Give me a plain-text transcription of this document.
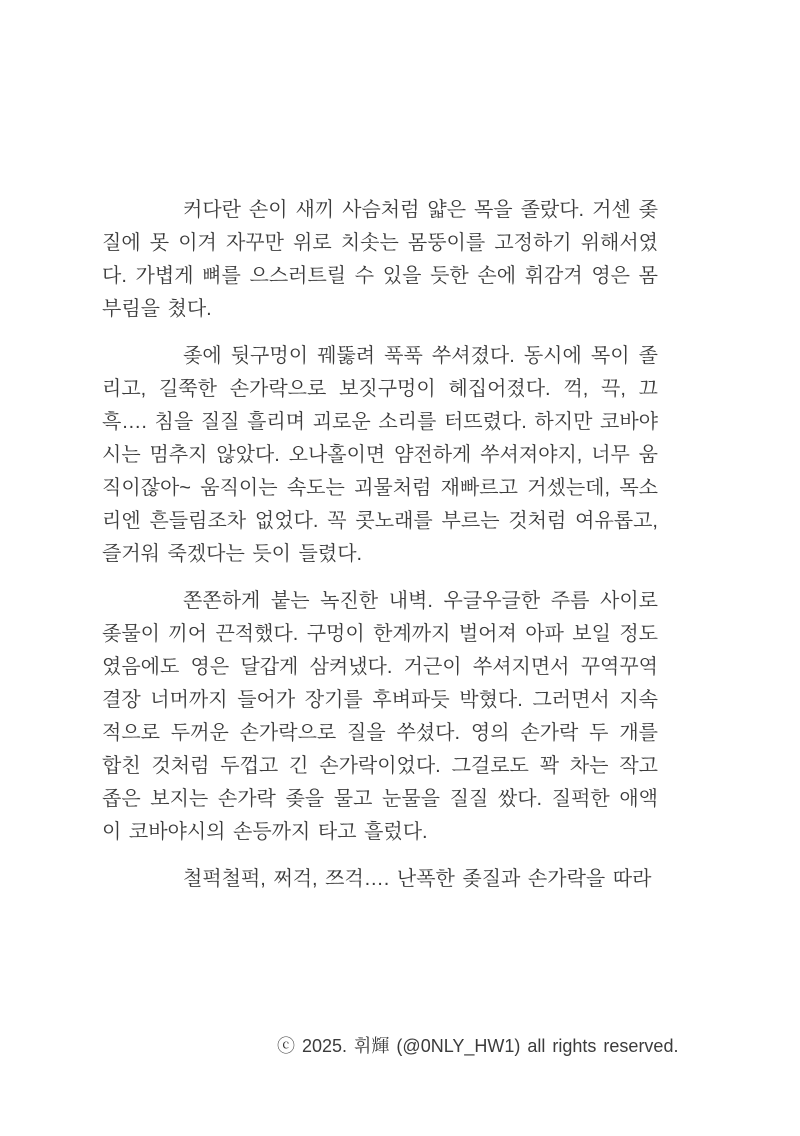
커다란 손이 새끼 사슴처럼 얇은 목을 졸랐다. 거센 좆질에 못 이겨 자꾸만 위로 치솟는 몸뚱이를 고정하기 위해서였다. 가볍게 뼈를 으스러트릴 수 있을 듯한 손에 휘감겨 영은 몸부림을 쳤다.

좆에 뒷구멍이 꿰뚫려 푹푹 쑤셔졌다. 동시에 목이 졸리고, 길쭉한 손가락으로 보짓구멍이 헤집어졌다. 꺽, 끅, 끄흑…. 침을 질질 흘리며 괴로운 소리를 터뜨렸다. 하지만 코바야시는 멈추지 않았다. 오나홀이면 얌전하게 쑤셔져야지, 너무 움직이잖아~ 움직이는 속도는 괴물처럼 재빠르고 거셌는데, 목소리엔 흔들림조차 없었다. 꼭 콧노래를 부르는 것처럼 여유롭고, 즐거워 죽겠다는 듯이 들렸다.

쫀쫀하게 붙는 녹진한 내벽. 우글우글한 주름 사이로 좆물이 끼어 끈적했다. 구멍이 한계까지 벌어져 아파 보일 정도였음에도 영은 달갑게 삼켜냈다. 거근이 쑤셔지면서 꾸역꾸역 결장 너머까지 들어가 장기를 후벼파듯 박혔다. 그러면서 지속적으로 두꺼운 손가락으로 질을 쑤셨다. 영의 손가락 두 개를 합친 것처럼 두껍고 긴 손가락이었다. 그걸로도 꽉 차는 작고 좁은 보지는 손가락 좆을 물고 눈물을 질질 쌌다. 질퍽한 애액이 코바야시의 손등까지 타고 흘렀다.

철퍽철퍽, 쩌걱, 쯔걱…. 난폭한 좆질과 손가락을 따라

ⓒ 2025. 휘輝 (@0NLY_HW1) all rights reserved.
